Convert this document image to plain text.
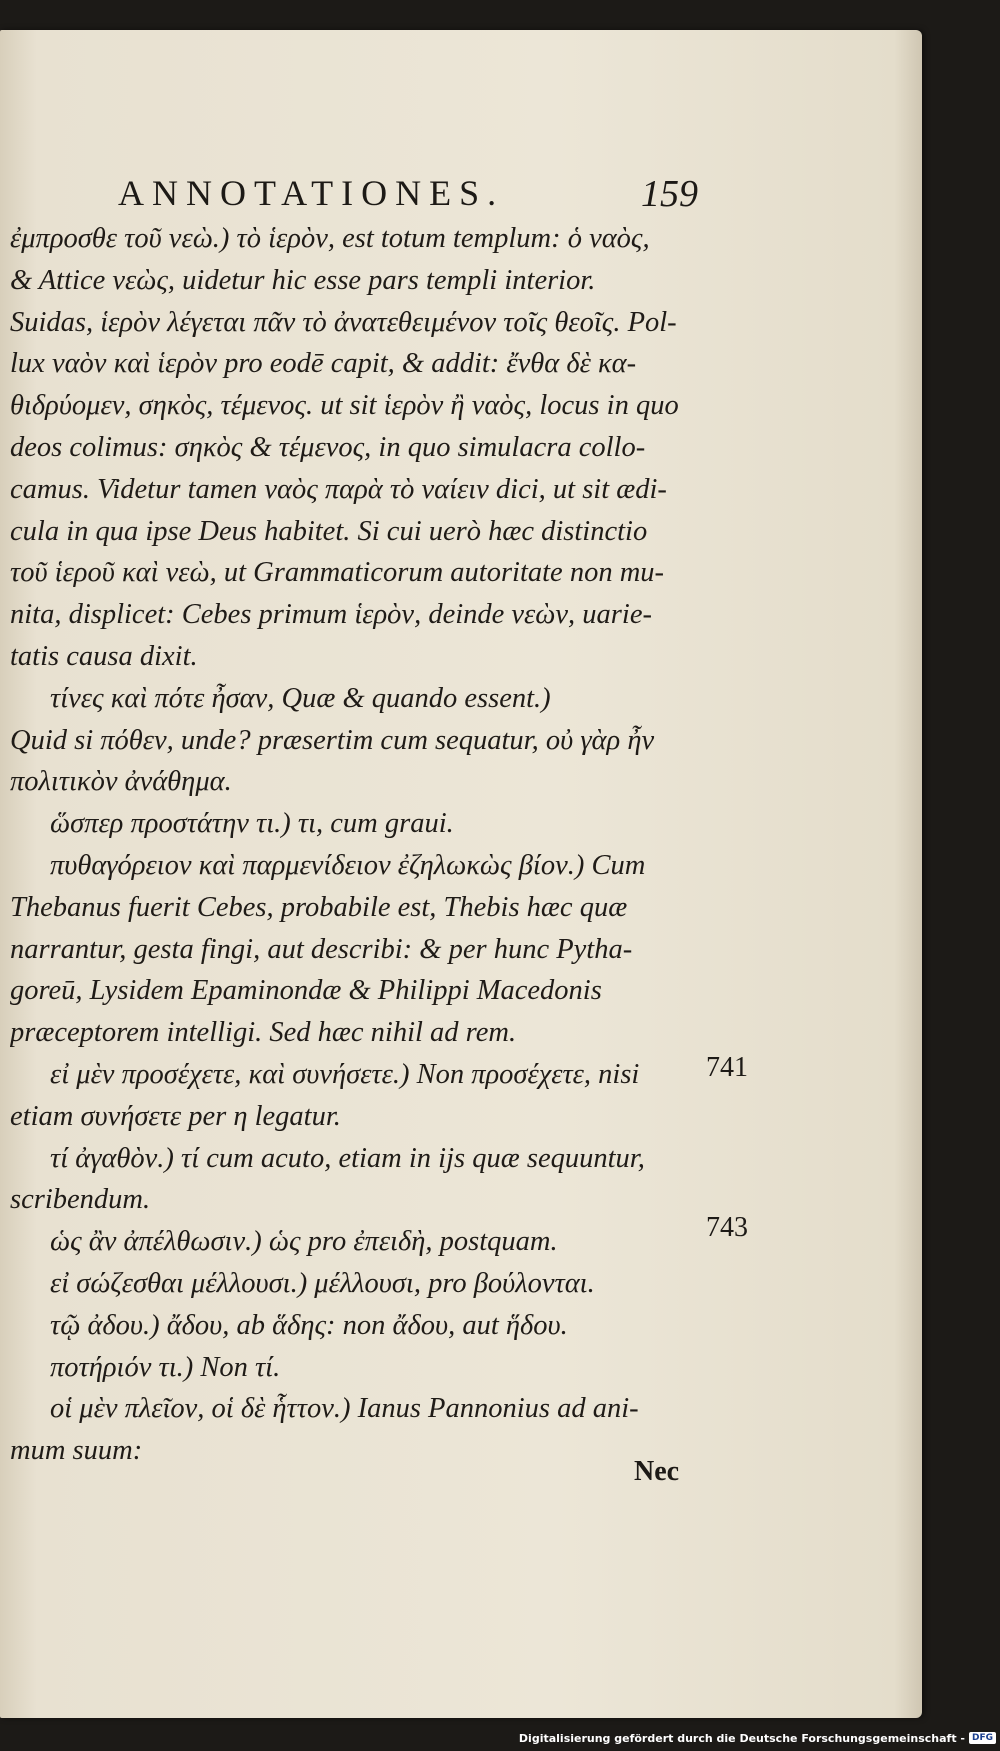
ANNOTATIONES.	159
ἐμπροσθε τοῦ νεὼ.) τὸ ἱερὸν, est totum templum: ὁ ναὸς,
& Attice νεὼς, uidetur hic esse pars templi interior.
Suidas, ἱερὸν λέγεται πᾶν τὸ ἀνατεθειμένον τοῖς θεοῖς. Pol-
lux ναὸν καὶ ἱερὸν pro eodē capit, & addit: ἔνθα δὲ κα-
θιδρύομεν, σηκὸς, τέμενος. ut sit ἱερὸν ἢ ναὸς, locus in quo
deos colimus: σηκὸς & τέμενος, in quo simulacra collo-
camus. Videtur tamen ναὸς παρὰ τὸ ναίειν dici, ut sit ædi-
cula in qua ipse Deus habitet. Si cui uerò hæc distinctio
τοῦ ἱεροῦ καὶ νεὼ, ut Grammaticorum autoritate non mu-
nita, displicet: Cebes primum ἱερὸν, deinde νεὼν, uarie-
tatis causa dixit.
τίνες καὶ πότε ἦσαν, Quæ & quando essent.)
Quid si πόθεν, unde? præsertim cum sequatur, οὐ γὰρ ἦν
πολιτικὸν ἀνάθημα.
ὥσπερ προστάτην τι.) τι, cum graui.
πυθαγόρειον καὶ παρμενίδειον ἐζηλωκὼς βίον.) Cum
Thebanus fuerit Cebes, probabile est, Thebis hæc quæ
narrantur, gesta fingi, aut describi: & per hunc Pytha-
goreū, Lysidem Epaminondæ & Philippi Macedonis
præceptorem intelligi. Sed hæc nihil ad rem.
εἰ μὲν προσέχετε, καὶ συνήσετε.) Non προσέχετε, nisi
etiam συνήσετε per η legatur.
τί ἀγαθὸν.) τί cum acuto, etiam in ijs quæ sequuntur,
scribendum.
ὡς ἂν ἀπέλθωσιν.) ὡς pro ἐπειδὴ, postquam.
εἰ σώζεσθαι μέλλουσι.) μέλλουσι, pro βούλονται.
τῷ ἀδου.) ἄδου, ab ἅδης: non ἄδου, aut ἥδου.
ποτήριόν τι.) Non τί.
οἱ μὲν πλεῖον, οἱ δὲ ἧττον.) Ianus Pannonius ad ani-
mum suum:
741
743
Nec
Digitalisierung gefördert durch die Deutsche Forschungsgemeinschaft - DFG
